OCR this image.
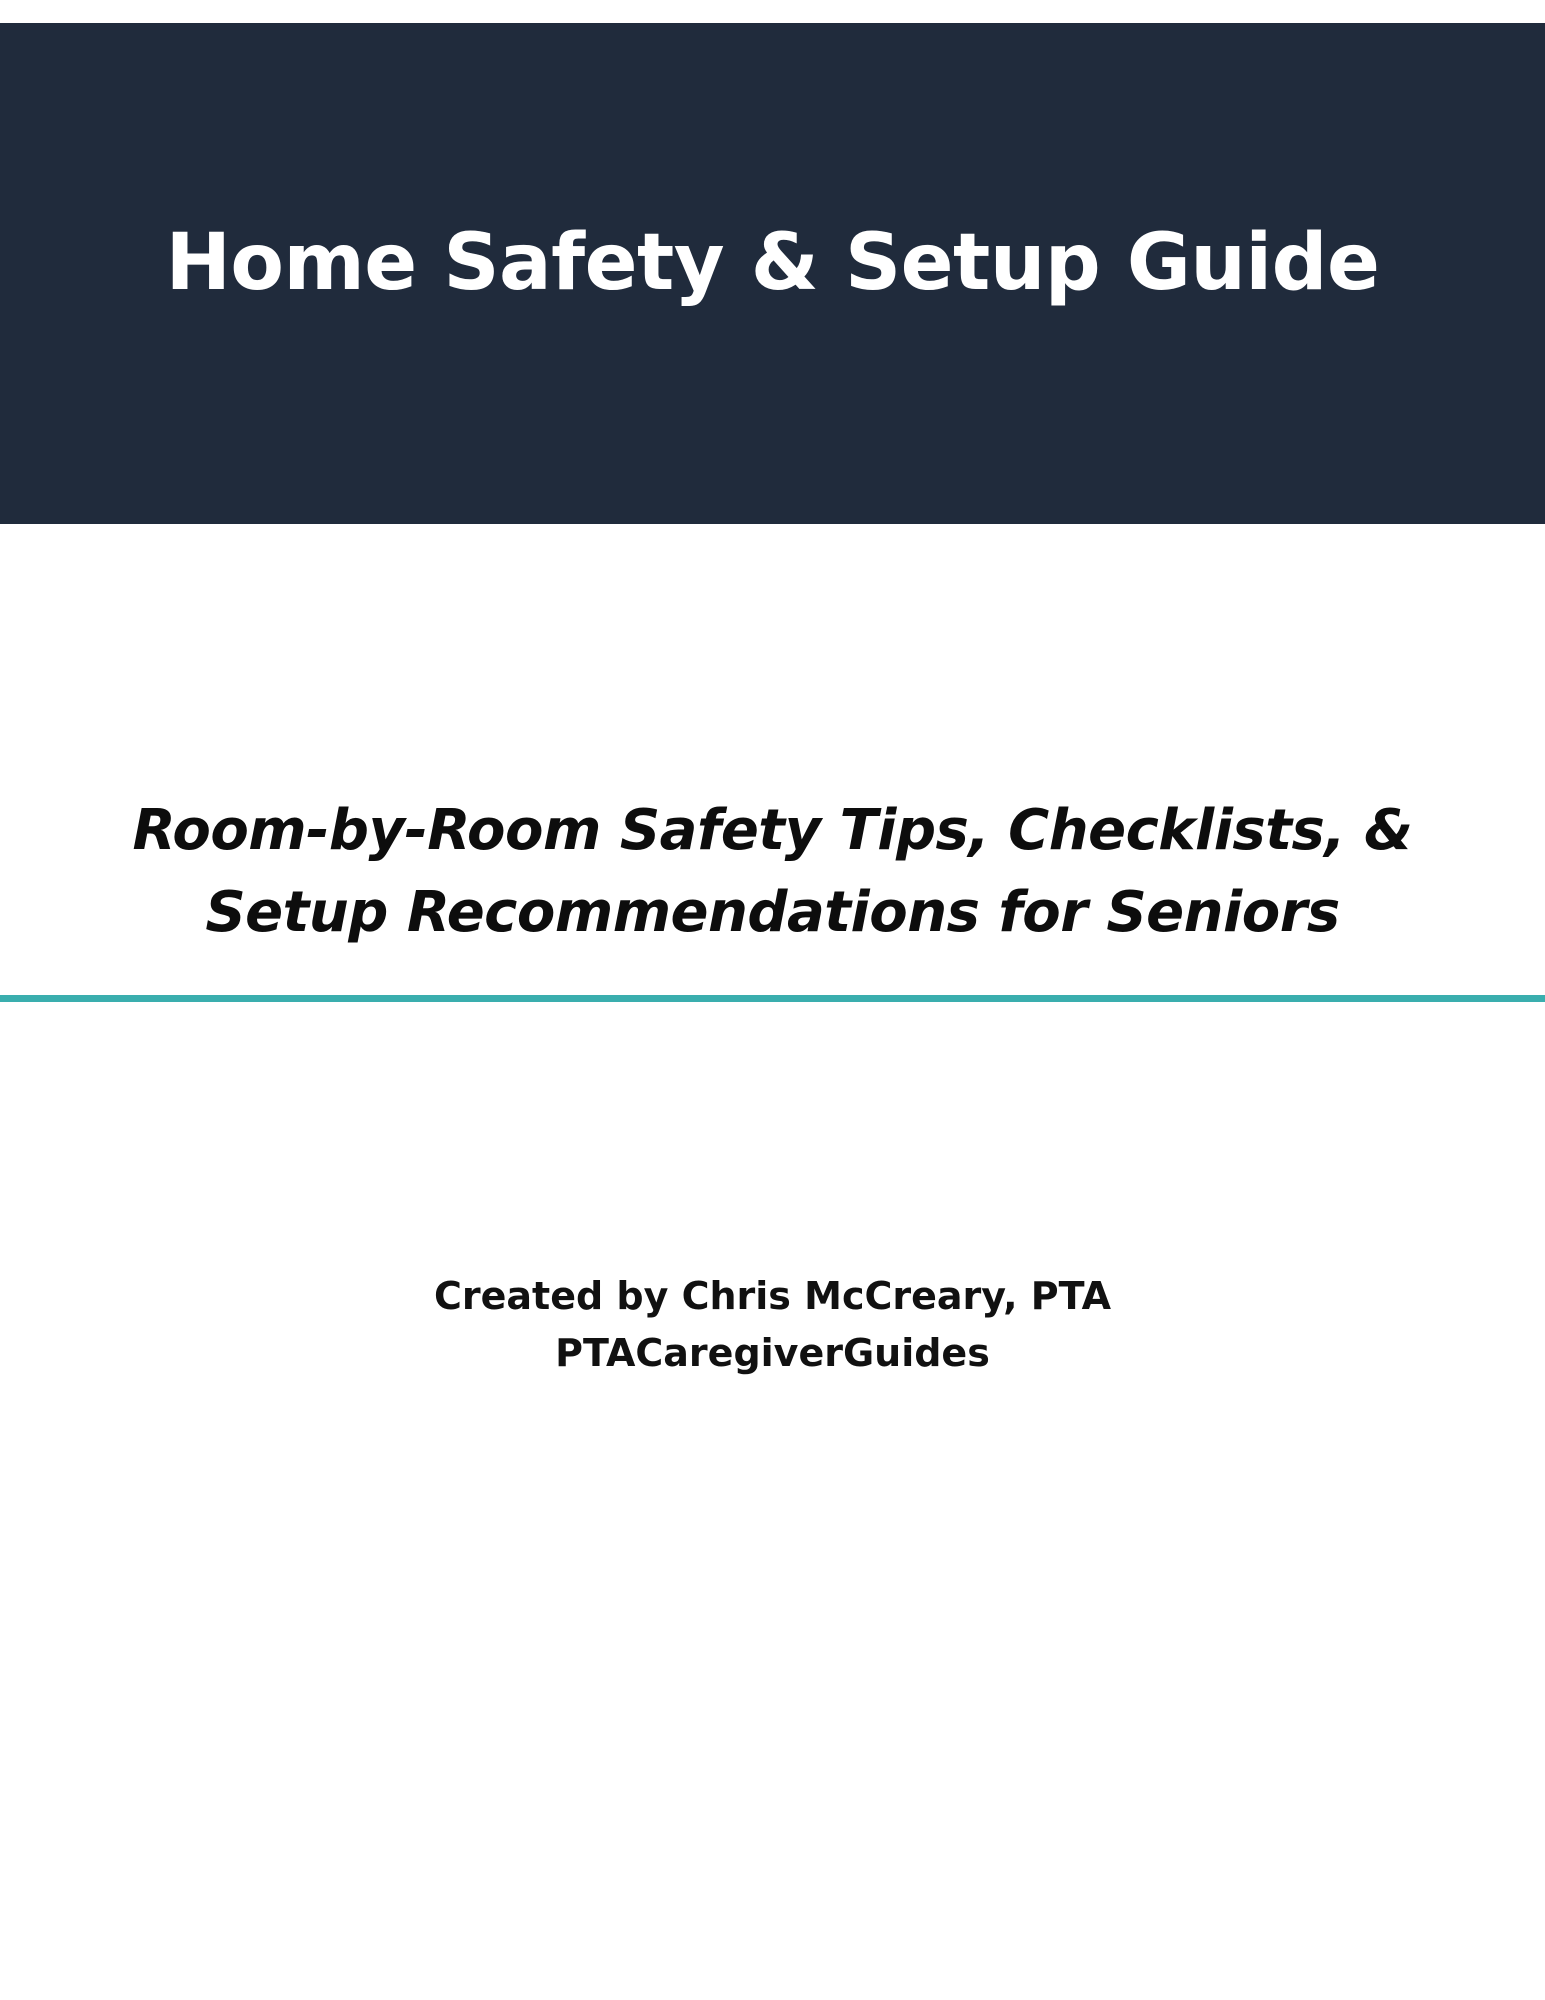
Home Safety & Setup Guide
Room-by-Room Safety Tips, Checklists, &
Setup Recommendations for Seniors
Created by Chris McCreary, PTA
PTACaregiverGuides
